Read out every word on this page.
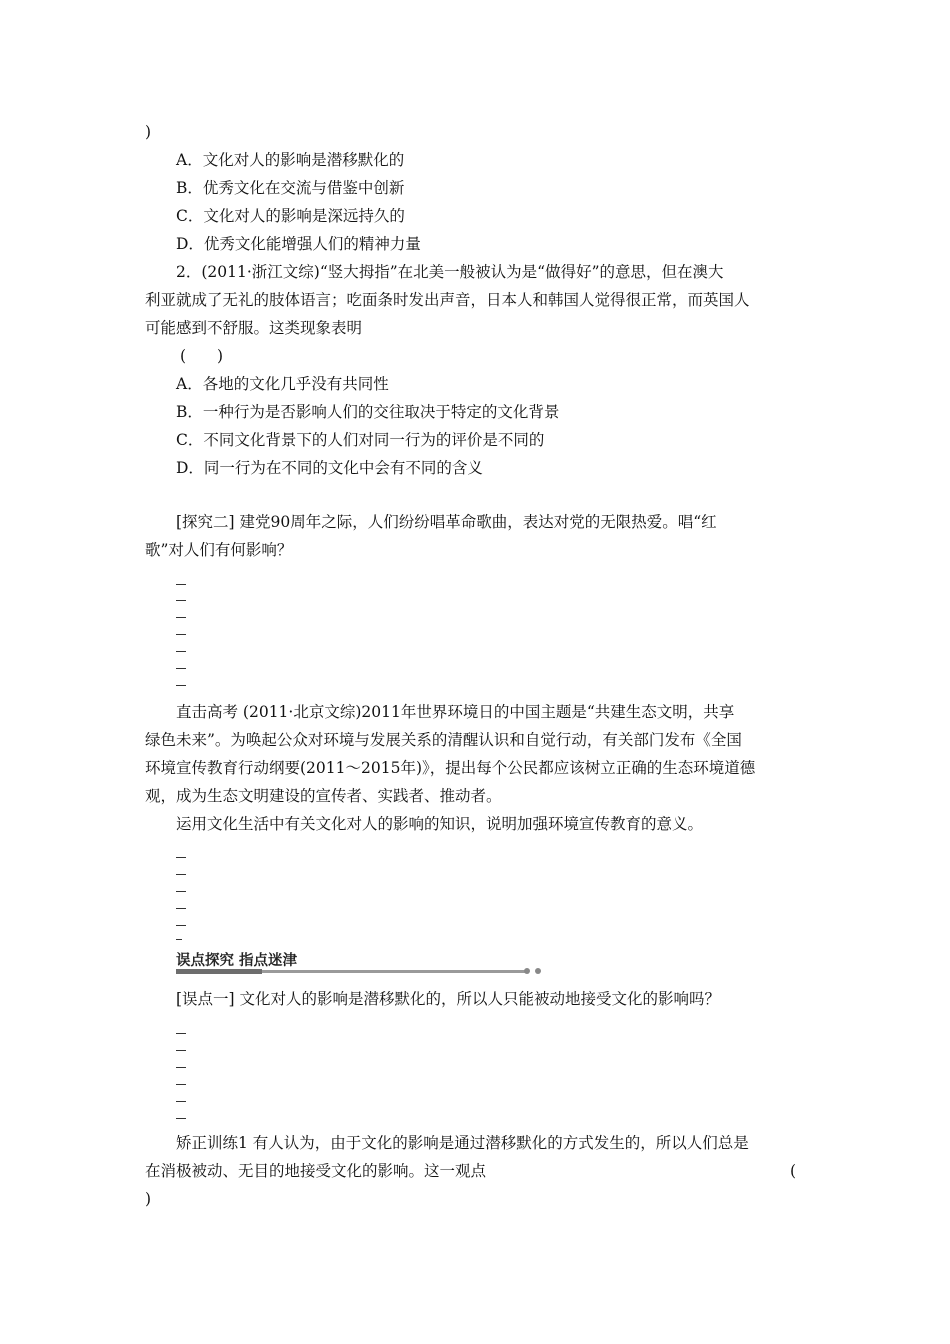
)
A．文化对人的影响是潜移默化的
B．优秀文化在交流与借鉴中创新
C．文化对人的影响是深远持久的
D．优秀文化能增强人们的精神力量
2．(2011·浙江文综)“竖大拇指”在北美一般被认为是“做得好”的意思，但在澳大
利亚就成了无礼的肢体语言；吃面条时发出声音，日本人和韩国人觉得很正常，而英国人
可能感到不舒服。这类现象表明
(　　)
A．各地的文化几乎没有共同性
B．一种行为是否影响人们的交往取决于特定的文化背景
C．不同文化背景下的人们对同一行为的评价是不同的
D．同一行为在不同的文化中会有不同的含义
[探究二] 建党90周年之际，人们纷纷唱革命歌曲，表达对党的无限热爱。唱“红
歌”对人们有何影响？
直击高考 (2011·北京文综)2011年世界环境日的中国主题是“共建生态文明，共享
绿色未来”。为唤起公众对环境与发展关系的清醒认识和自觉行动，有关部门发布《全国
环境宣传教育行动纲要(2011～2015年)》，提出每个公民都应该树立正确的生态环境道德
观，成为生态文明建设的宣传者、实践者、推动者。
运用文化生活中有关文化对人的影响的知识，说明加强环境宣传教育的意义。
误点探究 指点迷津
[误点一] 文化对人的影响是潜移默化的，所以人只能被动地接受文化的影响吗？
矫正训练1 有人认为，由于文化的影响是通过潜移默化的方式发生的，所以人们总是
在消极被动、无目的地接受文化的影响。这一观点	(
)
